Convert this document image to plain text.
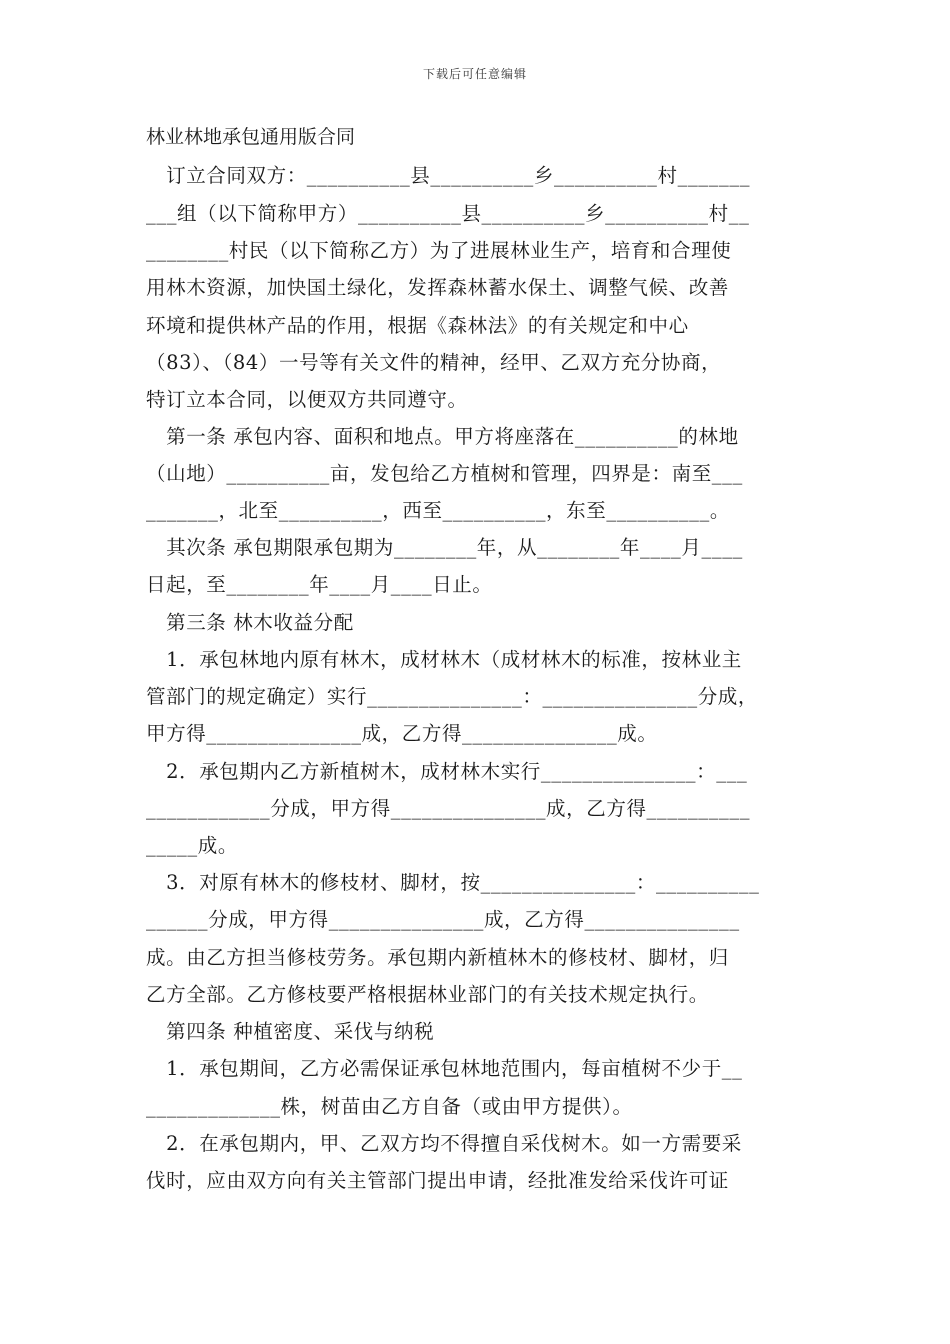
下载后可任意编辑
林业林地承包通用版合同
　订立合同双方：__________县__________乡__________村_______
___组（以下简称甲方）__________县__________乡__________村__
________村民（以下简称乙方）为了进展林业生产，培育和合理使
用林木资源，加快国土绿化，发挥森林蓄水保土、调整气候、改善
环境和提供林产品的作用，根据《森林法》的有关规定和中心
（83）、（84）一号等有关文件的精神，经甲、乙双方充分协商，
特订立本合同，以便双方共同遵守。
　第一条 承包内容、面积和地点。甲方将座落在__________的林地
（山地）__________亩，发包给乙方植树和管理，四界是：南至___
_______，北至__________，西至__________，东至__________。
　其次条 承包期限承包期为________年，从________年____月____
日起，至________年____月____日止。
　第三条 林木收益分配
　1．承包林地内原有林木，成材林木（成材林木的标准，按林业主
管部门的规定确定）实行_______________：_______________分成，
甲方得_______________成，乙方得_______________成。
　2．承包期内乙方新植树木，成材林木实行_______________：___
____________分成，甲方得_______________成，乙方得__________
_____成。
　3．对原有林木的修枝材、脚材，按_______________：__________
______分成，甲方得_______________成，乙方得_______________
成。由乙方担当修枝劳务。承包期内新植林木的修枝材、脚材，归
乙方全部。乙方修枝要严格根据林业部门的有关技术规定执行。
　第四条 种植密度、采伐与纳税
　1．承包期间，乙方必需保证承包林地范围内，每亩植树不少于__
_____________株，树苗由乙方自备（或由甲方提供）。
　2．在承包期内，甲、乙双方均不得擅自采伐树木。如一方需要采
伐时，应由双方向有关主管部门提出申请，经批准发给采伐许可证
